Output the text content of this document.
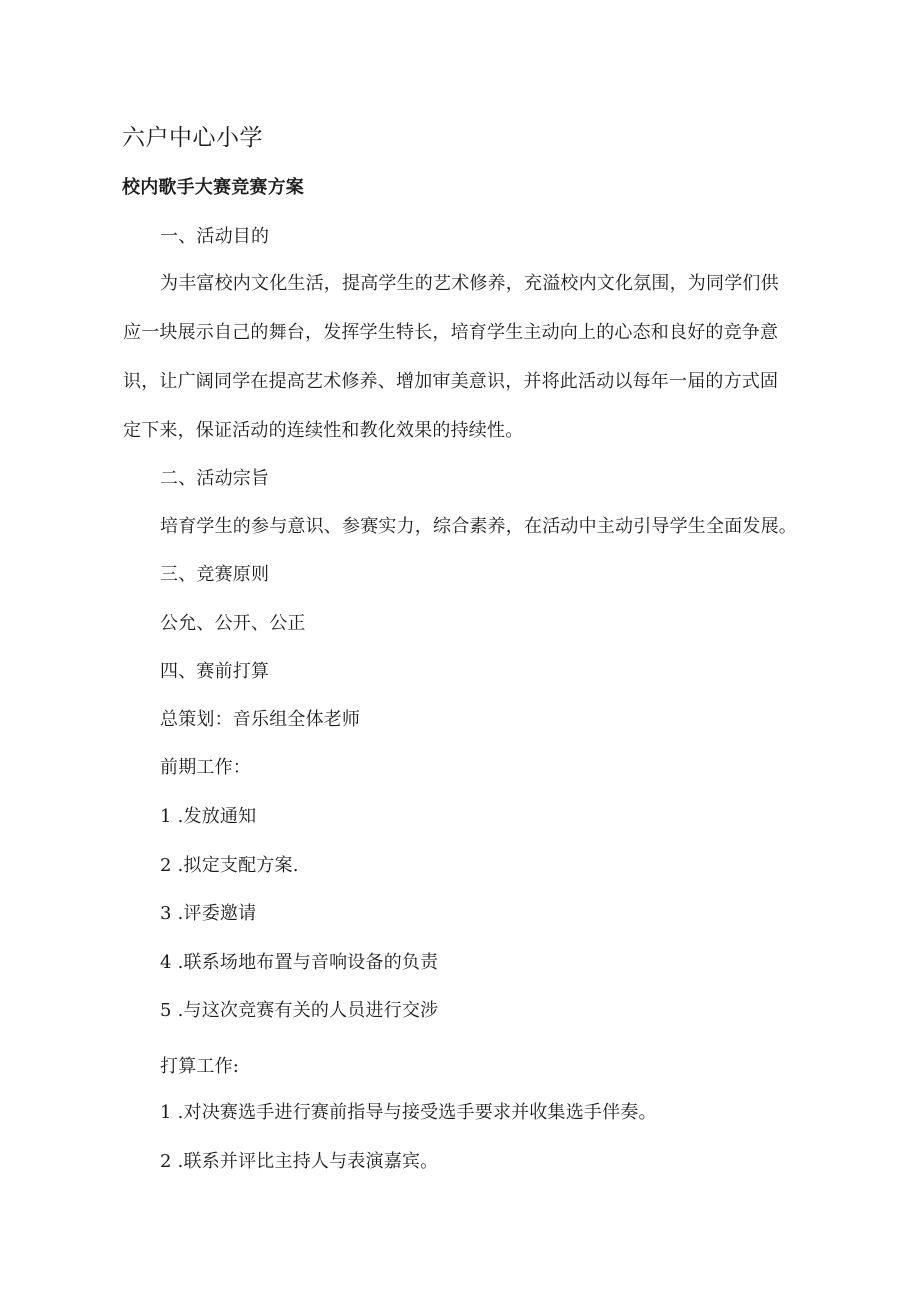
六户中心小学
校内歌手大赛竞赛方案
一、活动目的
为丰富校内文化生活，提高学生的艺术修养，充溢校内文化氛围，为同学们供
应一块展示自己的舞台，发挥学生特长，培育学生主动向上的心态和良好的竞争意
识，让广阔同学在提高艺术修养、增加审美意识，并将此活动以每年一届的方式固
定下来，保证活动的连续性和教化效果的持续性。
二、活动宗旨
培育学生的参与意识、参赛实力，综合素养，在活动中主动引导学生全面发展。
三、竞赛原则
公允、公开、公正
四、赛前打算
总策划：音乐组全体老师
前期工作：
1 .发放通知
2 .拟定支配方案.
3 .评委邀请
4 .联系场地布置与音响设备的负责
5 .与这次竞赛有关的人员进行交涉
打算工作:
1 .对决赛选手进行赛前指导与接受选手要求并收集选手伴奏。
2 .联系并评比主持人与表演嘉宾。
